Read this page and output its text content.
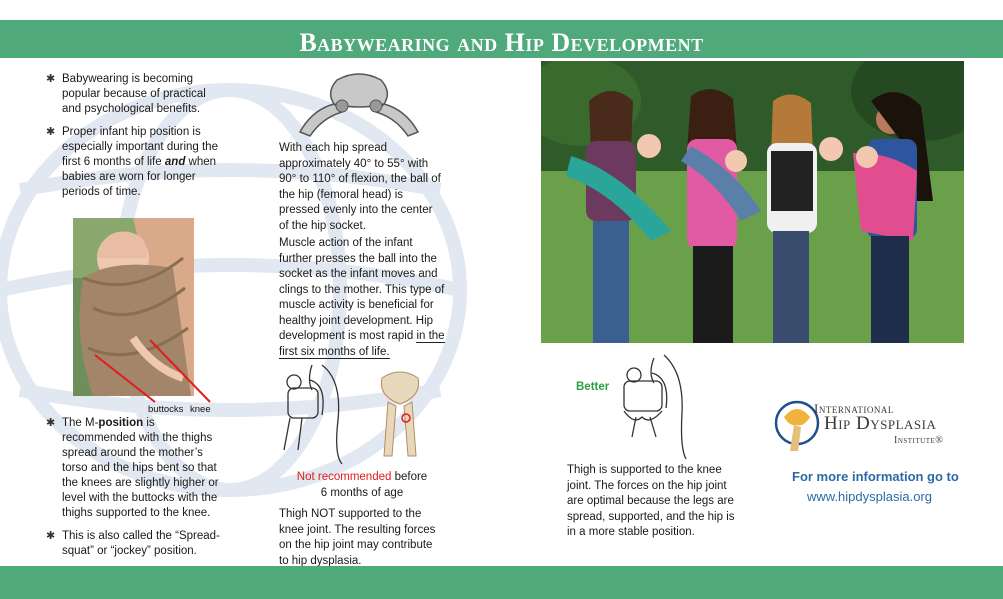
Babywearing and Hip Development
✱ Babywearing is becoming popular because of practical and psychological benefits.
✱ Proper infant hip position is especially important during the first 6 months of life and when babies are worn for longer periods of time.
buttocks knee
✱ The M-position is recommended with the thighs spread around the mother’s torso and the hips bent so that the knees are slightly higher or level with the buttocks with the thighs supported to the knee.
✱ This is also called the “Spread-squat” or “jockey” position.
With each hip spread approximately 40° to 55° with 90° to 110° of flexion, the ball of the hip (femoral head) is pressed evenly into the center of the hip socket.
Muscle action of the infant further presses the ball into the socket as the infant moves and clings to the mother. This type of muscle activity is beneficial for healthy joint development. Hip development is most rapid in the first six months of life.
Not recommended before
6 months of age
Thigh NOT supported to the knee joint. The resulting forces on the hip joint may contribute to hip dysplasia.
Better
Thigh is supported to the knee joint. The forces on the hip joint are optimal because the legs are spread, supported, and the hip is in a more stable position.
International
Hip Dysplasia
Institute®
For more information go to
www.hipdysplasia.org
